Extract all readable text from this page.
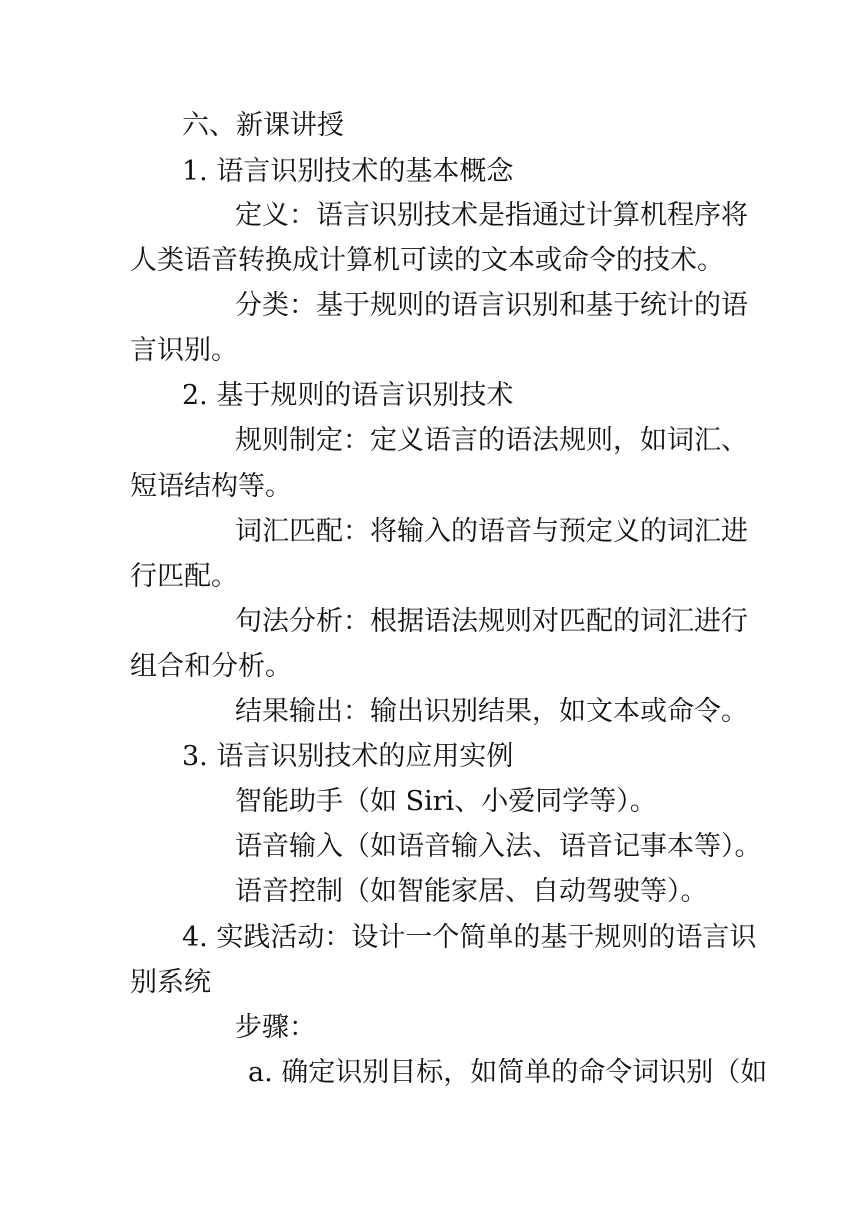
六、新课讲授
1. 语言识别技术的基本概念
定义：语言识别技术是指通过计算机程序将
人类语音转换成计算机可读的文本或命令的技术。
分类：基于规则的语言识别和基于统计的语
言识别。
2. 基于规则的语言识别技术
规则制定：定义语言的语法规则，如词汇、
短语结构等。
词汇匹配：将输入的语音与预定义的词汇进
行匹配。
句法分析：根据语法规则对匹配的词汇进行
组合和分析。
结果输出：输出识别结果，如文本或命令。
3. 语言识别技术的应用实例
智能助手（如 Siri、小爱同学等）。
语音输入（如语音输入法、语音记事本等）。
语音控制（如智能家居、自动驾驶等）。
4. 实践活动：设计一个简单的基于规则的语言识
别系统
步骤：
a. 确定识别目标，如简单的命令词识别（如
